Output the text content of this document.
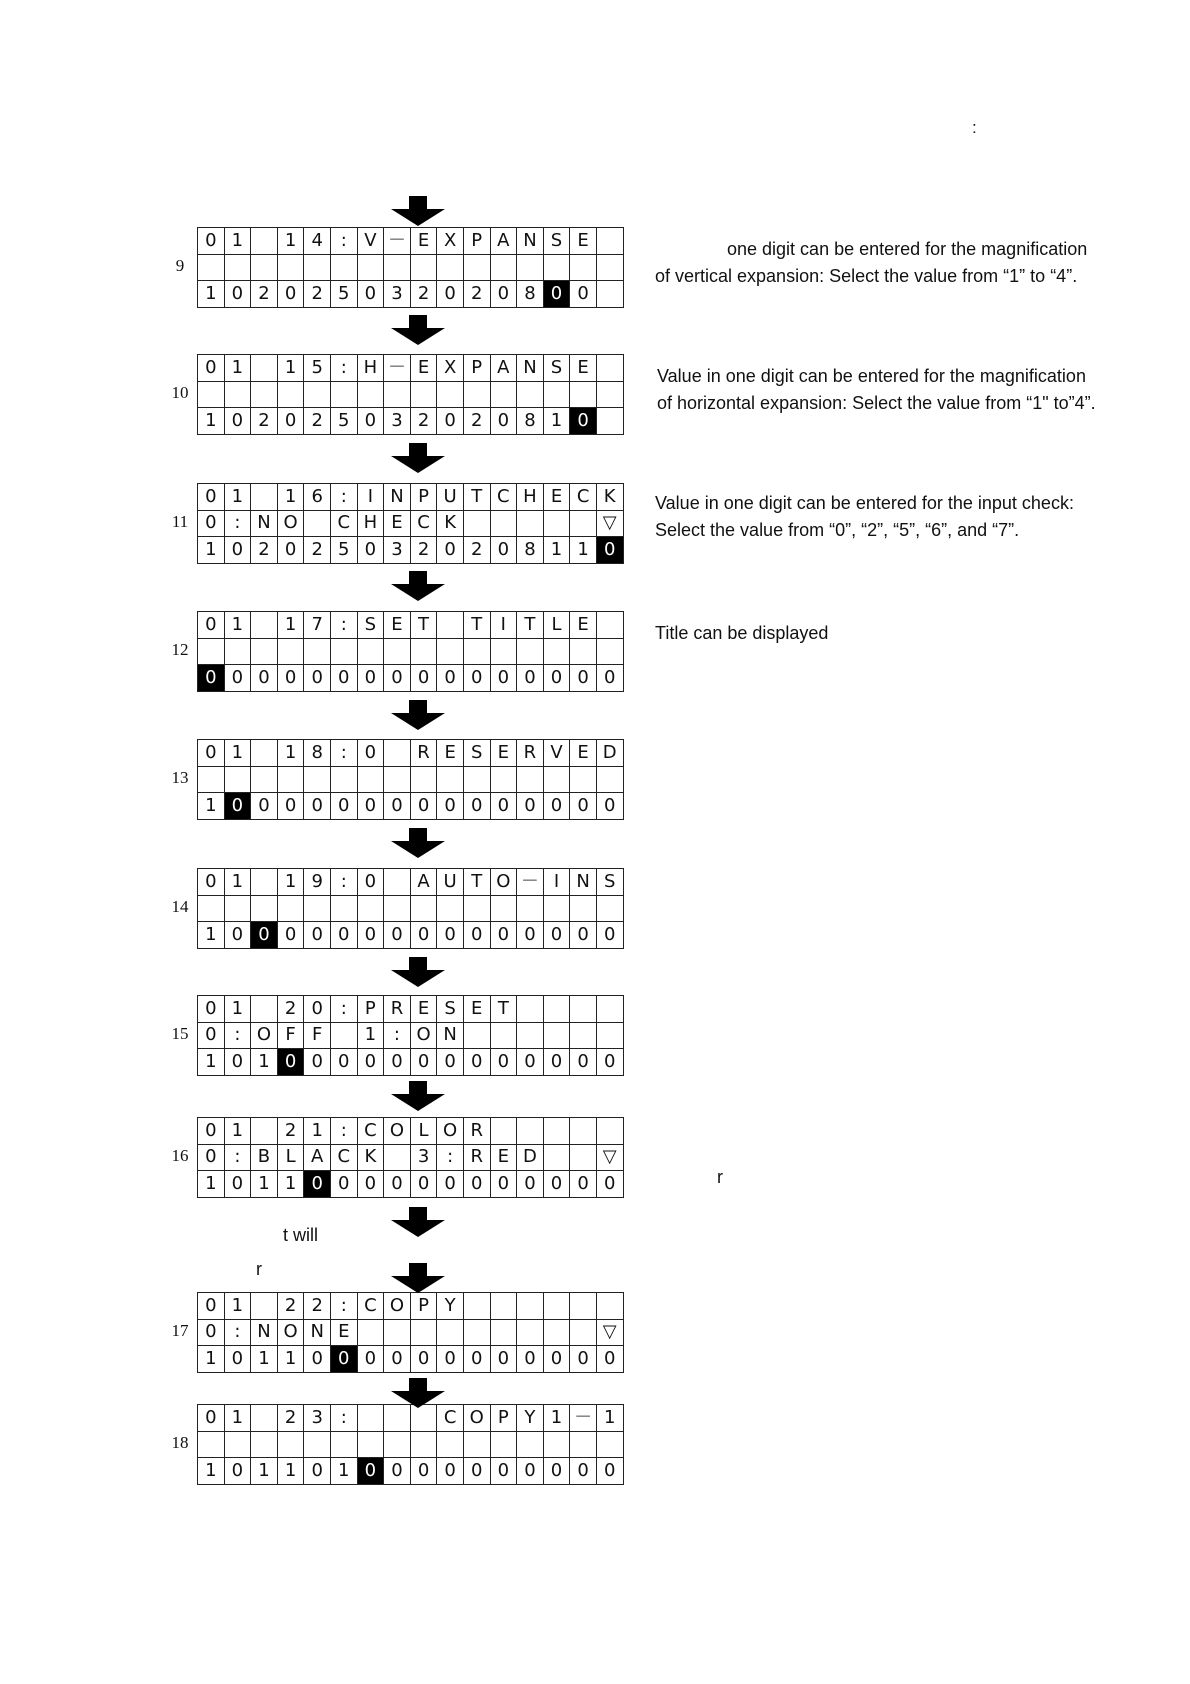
:
0	1		1	4	:	V	－	E	X	P	A	N	S	E	

1	0	2	0	2	5	0	3	2	0	2	0	8	0	0	
9
0	1		1	5	:	H	－	E	X	P	A	N	S	E	

1	0	2	0	2	5	0	3	2	0	2	0	8	1	0	
10
0	1		1	6	:	I	N	P	U	T	C	H	E	C	K
0	:	N	O		C	H	E	C	K						▽
1	0	2	0	2	5	0	3	2	0	2	0	8	1	1	0
11
0	1		1	7	:	S	E	T		T	I	T	L	E	

0	0	0	0	0	0	0	0	0	0	0	0	0	0	0	0
12
0	1		1	8	:	0		R	E	S	E	R	V	E	D

1	0	0	0	0	0	0	0	0	0	0	0	0	0	0	0
13
0	1		1	9	:	0		A	U	T	O	－	I	N	S

1	0	0	0	0	0	0	0	0	0	0	0	0	0	0	0
14
0	1		2	0	:	P	R	E	S	E	T				
0	:	O	F	F		1	:	O	N						
1	0	1	0	0	0	0	0	0	0	0	0	0	0	0	0
15
0	1		2	1	:	C	O	L	O	R					
0	:	B	L	A	C	K		3	:	R	E	D			▽
1	0	1	1	0	0	0	0	0	0	0	0	0	0	0	0
16
0	1		2	2	:	C	O	P	Y						
0	:	N	O	N	E										▽
1	0	1	1	0	0	0	0	0	0	0	0	0	0	0	0
17
0	1		2	3	:				C	O	P	Y	1	－	1

1	0	1	1	0	1	0	0	0	0	0	0	0	0	0	0
18
one digit can be entered for the magnification
of vertical expansion: Select the value from “1” to “4”.
Value in one digit can be entered for the magnification
of horizontal expansion: Select the value from “1" to”4”.
Value in one digit can be entered for the input check:
Select the value from “0”, “2”, “5”, “6”, and “7”.
Title can be displayed
r
t will
r
